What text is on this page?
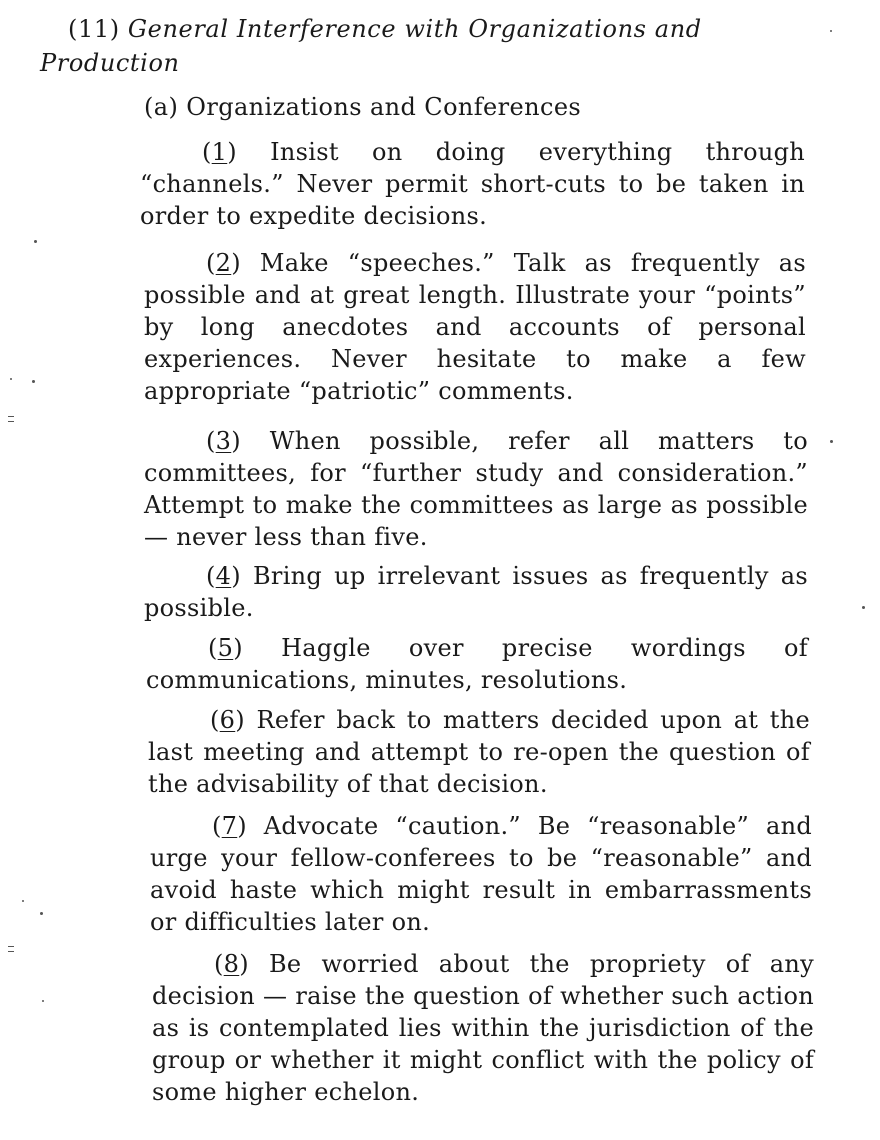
(11) General Interference with Organizations and Production
(a) Organizations and Conferences

(1) Insist on doing everything through “channels.” Never permit short-cuts to be taken in order to expedite decisions.

(2) Make “speeches.” Talk as frequently as possible and at great length. Illustrate your “points” by long anecdotes and accounts of personal experiences. Never hesitate to make a few appropriate “patriotic” comments.

(3) When possible, refer all matters to committees, for “further study and consideration.” Attempt to make the committees as large as possible — never less than five.

(4) Bring up irrelevant issues as frequently as possible.

(5) Haggle over precise wordings of communications, minutes, resolutions.

(6) Refer back to matters decided upon at the last meeting and attempt to re-open the question of the advisability of that decision.

(7) Advocate “caution.” Be “reasonable” and urge your fellow-conferees to be “reasonable” and avoid haste which might result in embarrassments or difficulties later on.

(8) Be worried about the propriety of any decision — raise the question of whether such action as is contemplated lies within the jurisdiction of the group or whether it might conflict with the policy of some higher echelon.
